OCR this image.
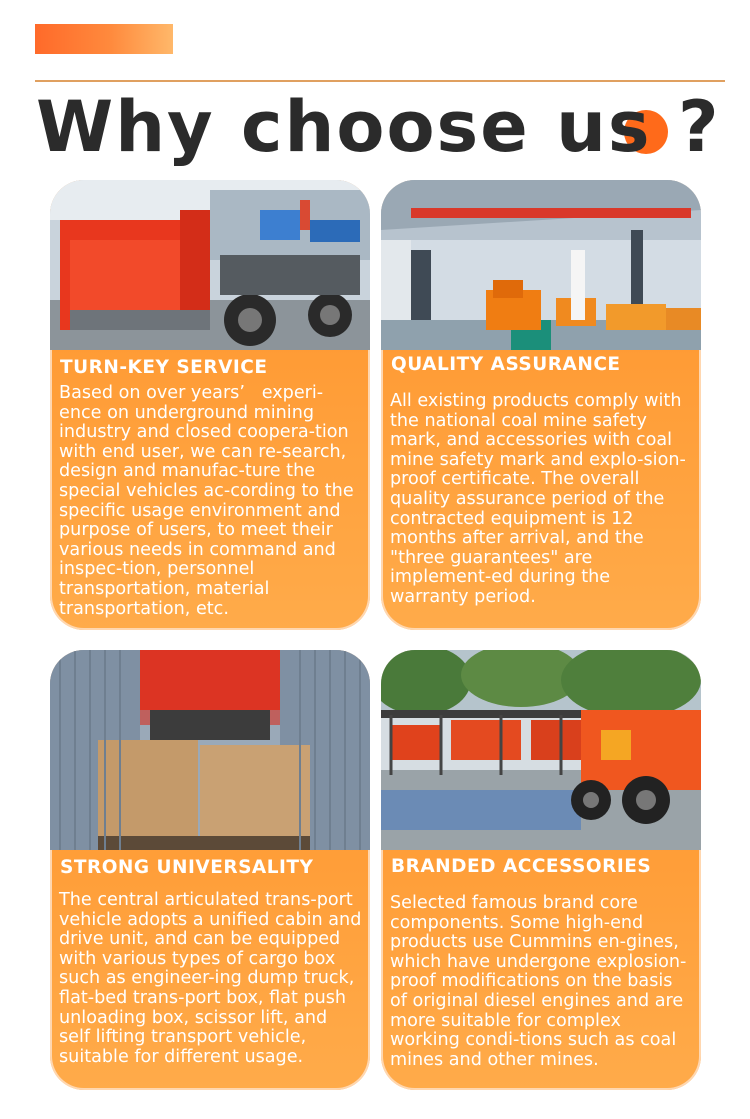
Why choose us ?
TURN-KEY SERVICE
Based on over years’   experi-ence on underground mining industry and closed coopera-tion with end user, we can re-search, design and manufac-ture the special vehicles ac-cording to the specific usage environment and purpose of users, to meet their various needs in command and inspec-tion, personnel transportation, material transportation, etc.
QUALITY ASSURANCE
All existing products comply with the national coal mine safety mark, and accessories with coal mine safety mark and explo-sion-proof certificate. The overall quality assurance period of the contracted equipment is 12 months after arrival, and the "three guarantees" are implement-ed during the warranty period.
STRONG UNIVERSALITY
The central articulated trans-port vehicle adopts a unified cabin and drive unit, and can be equipped with various types of cargo box such as engineer-ing dump truck, flat-bed trans-port box, flat push unloading box, scissor lift, and self lifting transport vehicle, suitable for different usage.
BRANDED ACCESSORIES
Selected famous brand core components. Some high-end products use Cummins en-gines, which have undergone explosion-proof modifications on the basis of original diesel engines and are more suitable for complex working condi-tions such as coal mines and other mines.
